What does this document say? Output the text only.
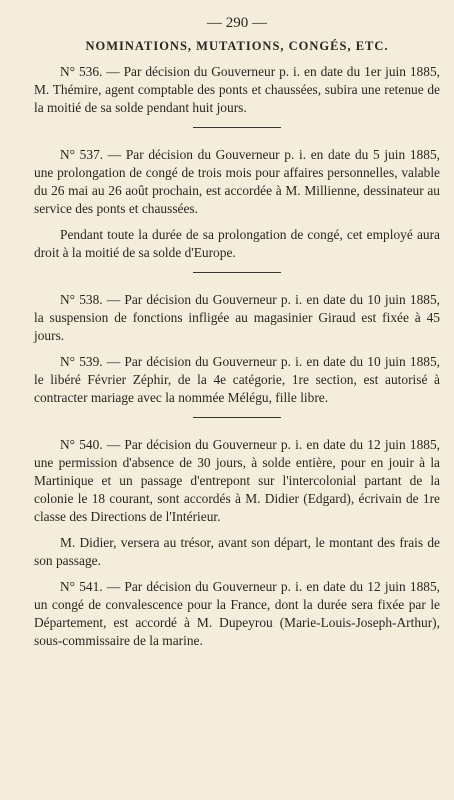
— 290 —
NOMINATIONS, MUTATIONS, CONGÉS, ETC.

N° 536. — Par décision du Gouverneur p. i. en date du 1er juin 1885, M. Thémire, agent comptable des ponts et chaussées, subira une retenue de la moitié de sa solde pendant huit jours.

N° 537. — Par décision du Gouverneur p. i. en date du 5 juin 1885, une prolongation de congé de trois mois pour affaires personnelles, valable du 26 mai au 26 août prochain, est accordée à M. Millienne, dessinateur au service des ponts et chaussées.

Pendant toute la durée de sa prolongation de congé, cet employé aura droit à la moitié de sa solde d'Europe.

N° 538. — Par décision du Gouverneur p. i. en date du 10 juin 1885, la suspension de fonctions infligée au magasinier Giraud est fixée à 45 jours.

N° 539. — Par décision du Gouverneur p. i. en date du 10 juin 1885, le libéré Février Zéphir, de la 4e catégorie, 1re section, est autorisé à contracter mariage avec la nommée Mélégu, fille libre.

N° 540. — Par décision du Gouverneur p. i. en date du 12 juin 1885, une permission d'absence de 30 jours, à solde entière, pour en jouir à la Martinique et un passage d'entrepont sur l'intercolonial partant de la colonie le 18 courant, sont accordés à M. Didier (Edgard), écrivain de 1re classe des Directions de l'Intérieur.

M. Didier, versera au trésor, avant son départ, le montant des frais de son passage.

N° 541. — Par décision du Gouverneur p. i. en date du 12 juin 1885, un congé de convalescence pour la France, dont la durée sera fixée par le Département, est accordé à M. Dupeyrou (Marie-Louis-Joseph-Arthur), sous-commissaire de la marine.
